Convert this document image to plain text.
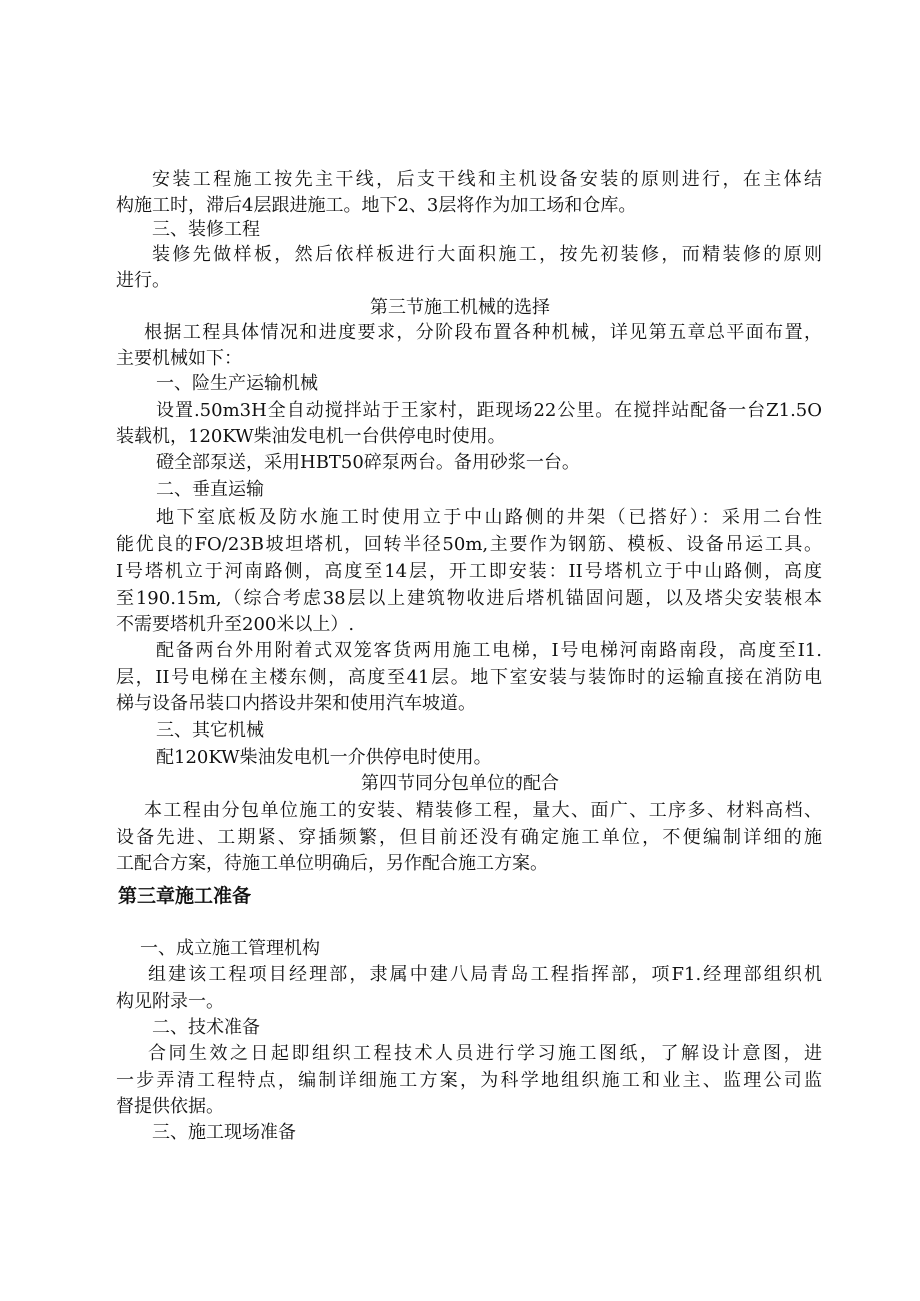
安装工程施工按先主干线，后支干线和主机设备安装的原则进行，在主体结

构施工时，滞后4层跟进施工。地下2、3层将作为加工场和仓库。

三、装修工程

装修先做样板，然后依样板进行大面积施工，按先初装修，而精装修的原则

进行。

第三节施工机械的选择

根据工程具体情况和进度要求，分阶段布置各种机械，详见第五章总平面布置，

主要机械如下：

一、险生产运输机械

设置.50m3H全自动搅拌站于王家村，距现场22公里。在搅拌站配备一台Z1.5O

装载机，120KW柴油发电机一台供停电时使用。

磴全部泵送，采用HBT50碎泵两台。备用砂浆一台。

二、垂直运输

地下室底板及防水施工时使用立于中山路侧的井架（已搭好）：采用二台性

能优良的FO/23B坡坦塔机，回转半径50m,主要作为钢筋、模板、设备吊运工具。

I号塔机立于河南路侧，高度至14层，开工即安装：II号塔机立于中山路侧，高度

至190.15m,（综合考虑38层以上建筑物收进后塔机锚固问题，以及塔尖安装根本

不需要塔机升至200米以上）.

配备两台外用附着式双笼客货两用施工电梯，I号电梯河南路南段，高度至I1.

层，II号电梯在主楼东侧，高度至41层。地下室安装与装饰时的运输直接在消防电

梯与设备吊装口内搭设井架和使用汽车坡道。

三、其它机械

配120KW柴油发电机一介供停电时使用。

第四节同分包单位的配合

本工程由分包单位施工的安装、精装修工程，量大、面广、工序多、材料高档、

设备先进、工期紧、穿插频繁，但目前还没有确定施工单位，不便编制详细的施

工配合方案，待施工单位明确后，另作配合施工方案。

第三章施工准备

一、成立施工管理机构

组建该工程项目经理部，隶属中建八局青岛工程指挥部，项F1.经理部组织机

构见附录一。

二、技术准备

合同生效之日起即组织工程技术人员进行学习施工图纸，了解设计意图，进

一步弄清工程特点，编制详细施工方案，为科学地组织施工和业主、监理公司监

督提供依据。

三、施工现场准备
